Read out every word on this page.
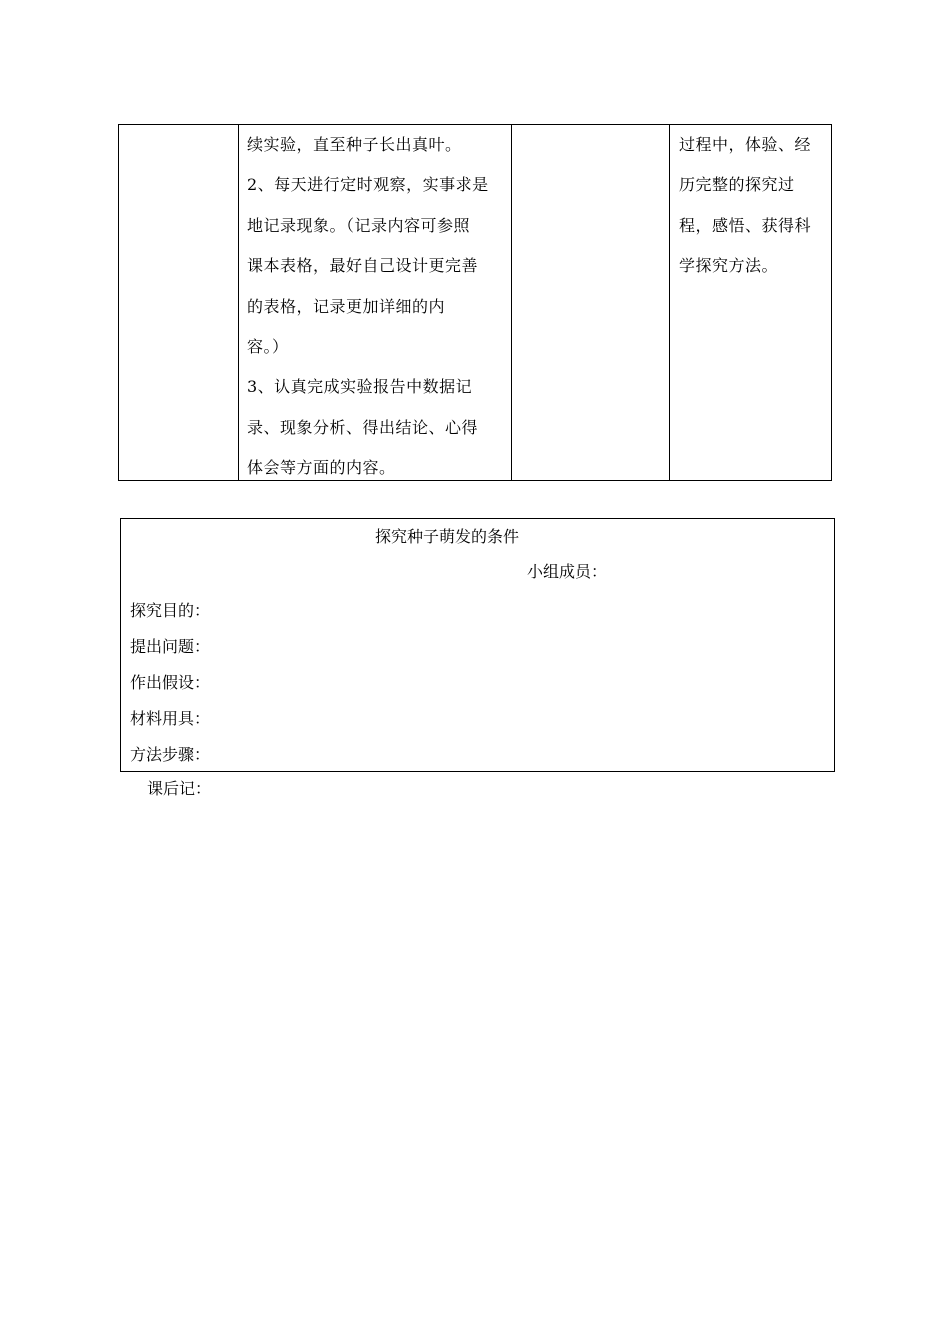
续实验，直至种子长出真叶。
2、每天进行定时观察，实事求是
地记录现象。（记录内容可参照
课本表格，最好自己设计更完善
的表格，记录更加详细的内
容。）
3、认真完成实验报告中数据记
录、现象分析、得出结论、心得
体会等方面的内容。
过程中，体验、经
历完整的探究过
程，感悟、获得科
学探究方法。
探究种子萌发的条件
小组成员：
探究目的：
提出问题：
作出假设：
材料用具：
方法步骤：
课后记：
